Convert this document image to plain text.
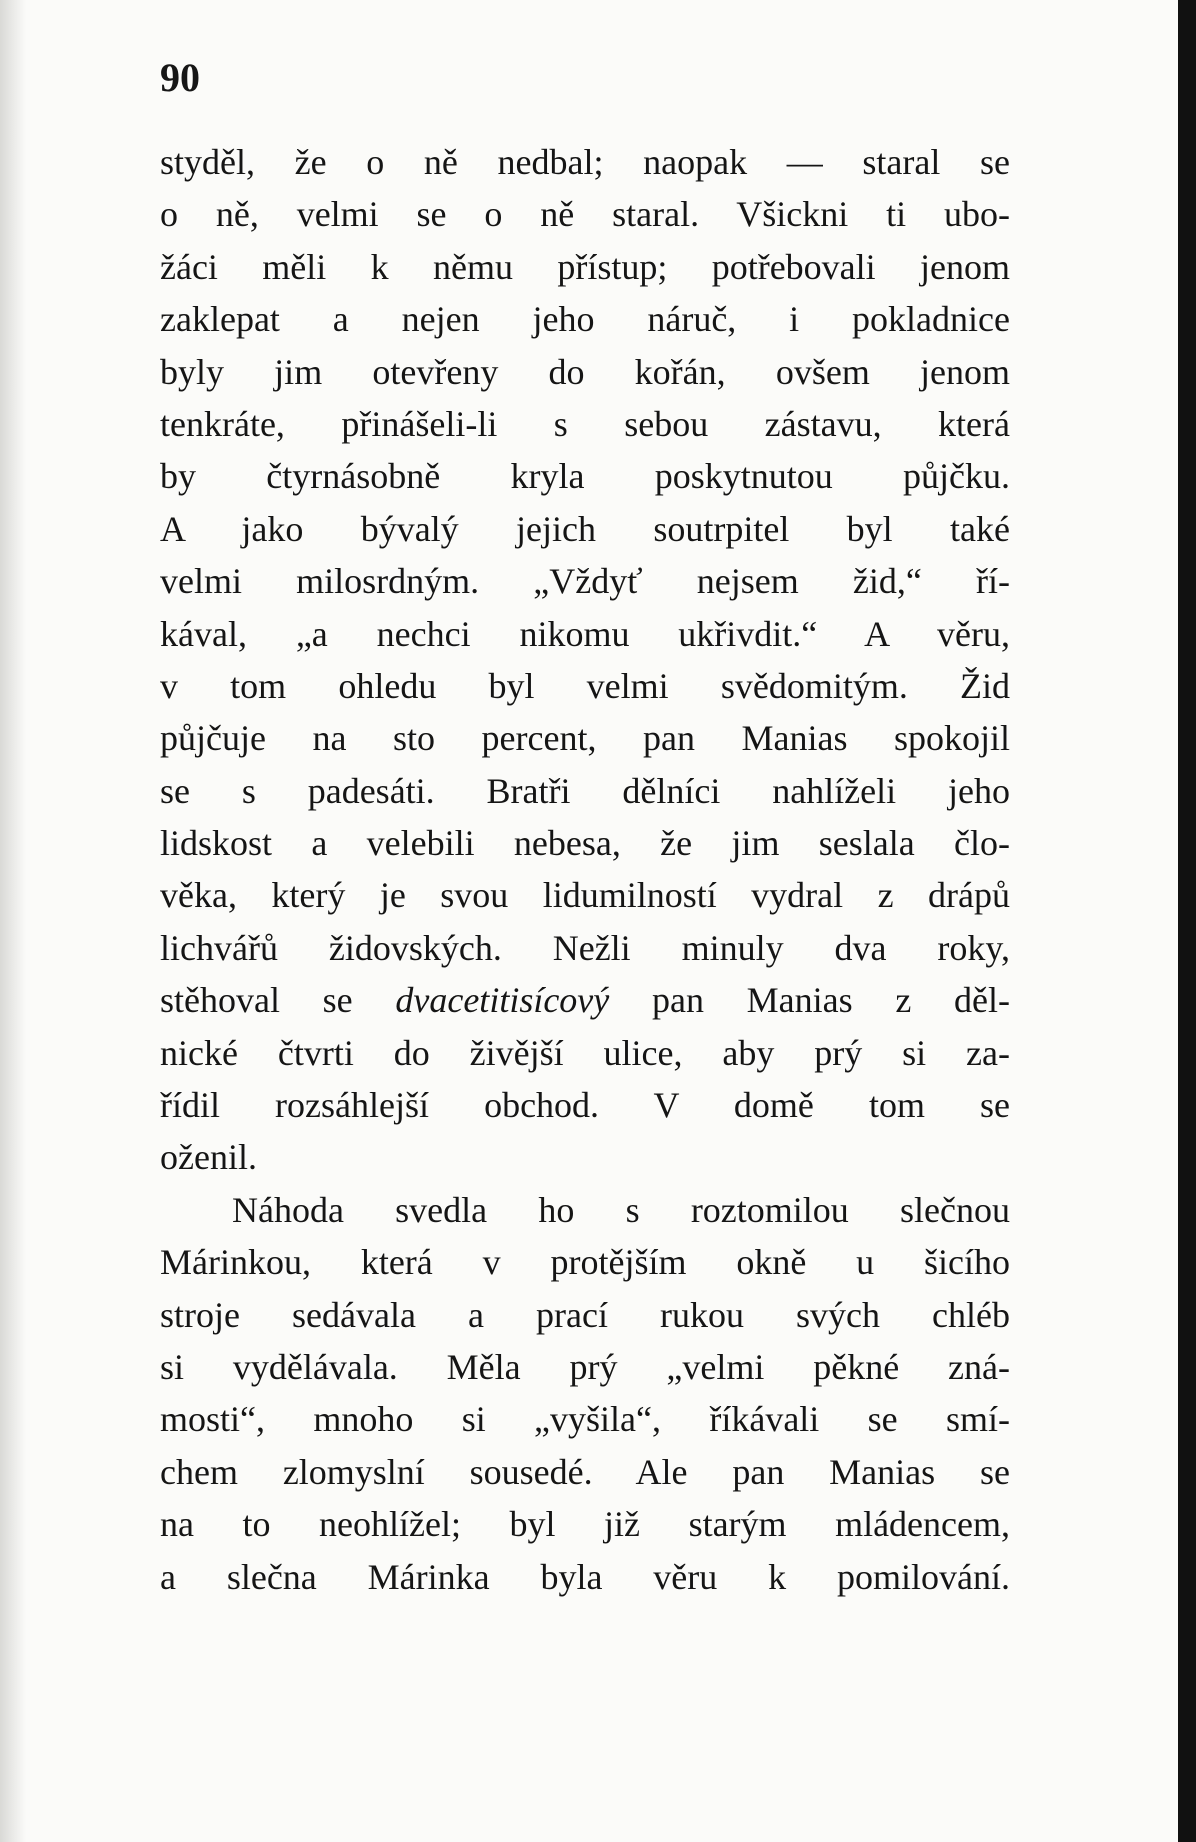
90

styděl, že o ně nedbal; naopak — staral se
o ně, velmi se o ně staral. Všickni ti ubo-
žáci měli k němu přístup; potřebovali jenom
zaklepat a nejen jeho náruč, i pokladnice
byly jim otevřeny do kořán, ovšem jenom
tenkráte, přinášeli-li s sebou zástavu, která
by čtyrnásobně kryla poskytnutou půjčku.
A jako bývalý jejich soutrpitel byl také
velmi milosrdným. „Vždyť nejsem žid,“ ří-
kával, „a nechci nikomu ukřivdit.“ A věru,
v tom ohledu byl velmi svědomitým. Žid
půjčuje na sto percent, pan Manias spokojil
se s padesáti. Bratři dělníci nahlíželi jeho
lidskost a velebili nebesa, že jim seslala člo-
věka, který je svou lidumilností vydral z drápů
lichvářů židovských. Nežli minuly dva roky,
stěhoval se dvacetitisícový pan Manias z děl-
nické čtvrti do živější ulice, aby prý si za-
řídil rozsáhlejší obchod. V domě tom se
oženil.
Náhoda svedla ho s roztomilou slečnou
Márinkou, která v protějším okně u šicího
stroje sedávala a prací rukou svých chléb
si vydělávala. Měla prý „velmi pěkné zná-
mosti“, mnoho si „vyšila“, říkávali se smí-
chem zlomyslní sousedé. Ale pan Manias se
na to neohlížel; byl již starým mládencem,
a slečna Márinka byla věru k pomilování.
